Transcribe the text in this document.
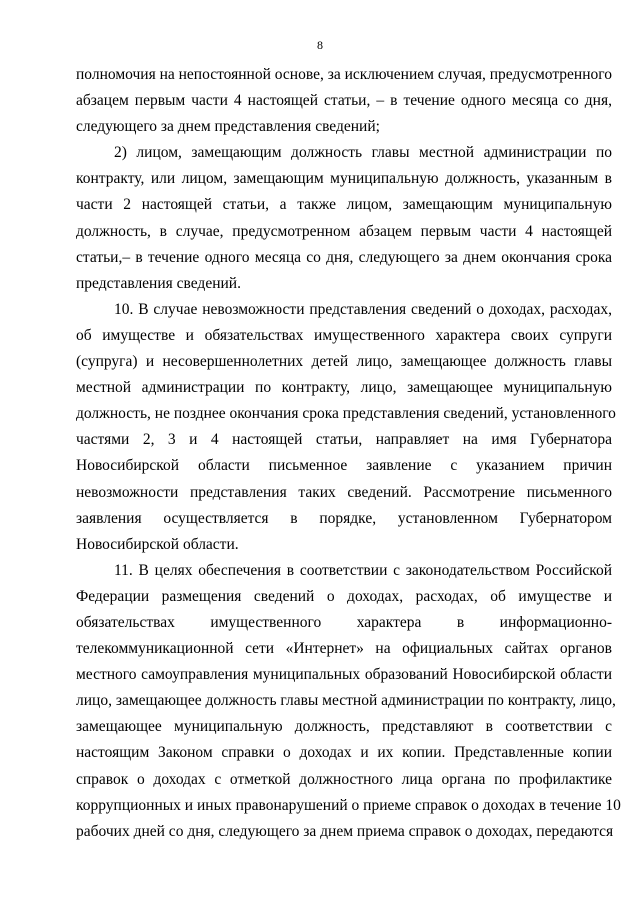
8
полномочия на непостоянной основе, за исключением случая, предусмотренного
абзацем первым части 4 настоящей статьи, – в течение одного месяца со дня,
следующего за днем представления сведений;
2) лицом, замещающим должность главы местной администрации по
контракту, или лицом, замещающим муниципальную должность, указанным в
части 2 настоящей статьи, а также лицом, замещающим муниципальную
должность, в случае, предусмотренном абзацем первым части 4 настоящей
статьи,– в течение одного месяца со дня, следующего за днем окончания срока
представления сведений.
10. В случае невозможности представления сведений о доходах, расходах,
об имуществе и обязательствах имущественного характера своих супруги
(супруга) и несовершеннолетних детей лицо, замещающее должность главы
местной администрации по контракту, лицо, замещающее муниципальную
должность, не позднее окончания срока представления сведений, установленного
частями 2, 3 и 4 настоящей статьи, направляет на имя Губернатора
Новосибирской области письменное заявление с указанием причин
невозможности представления таких сведений. Рассмотрение письменного
заявления осуществляется в порядке, установленном Губернатором
Новосибирской области.
11. В целях обеспечения в соответствии с законодательством Российской
Федерации размещения сведений о доходах, расходах, об имуществе и
обязательствах имущественного характера в информационно-
телекоммуникационной сети «Интернет» на официальных сайтах органов
местного самоуправления муниципальных образований Новосибирской области
лицо, замещающее должность главы местной администрации по контракту, лицо,
замещающее муниципальную должность, представляют в соответствии с
настоящим Законом справки о доходах и их копии. Представленные копии
справок о доходах с отметкой должностного лица органа по профилактике
коррупционных и иных правонарушений о приеме справок о доходах в течение 10
рабочих дней со дня, следующего за днем приема справок о доходах, передаются
